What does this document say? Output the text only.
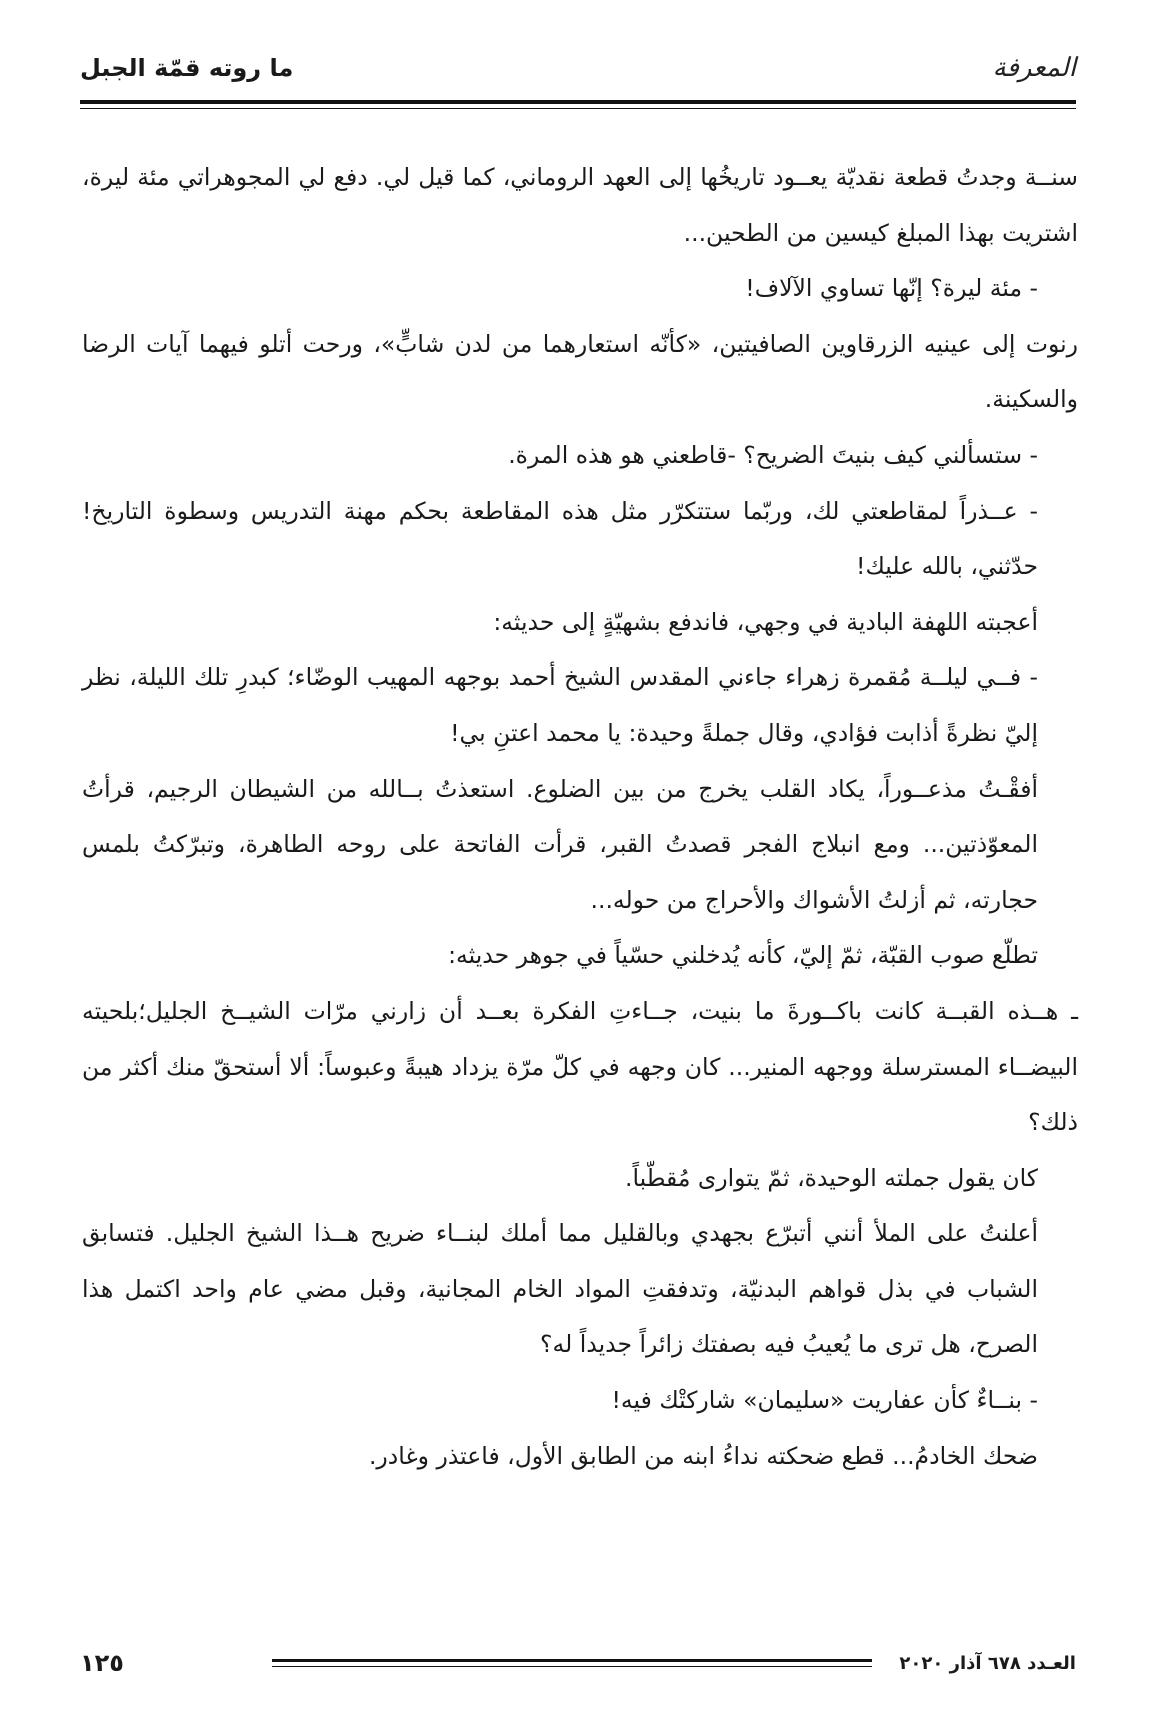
المعرفة
ما روته قمّة الجبل

سنــة وجدتُ قطعة نقديّة يعــود تاريخُها إلى العهد الروماني، كما قيل لي. دفع لي المجوهراتي مئة ليرة، اشتريت بهذا المبلغ كيسين من الطحين...

- مئة ليرة؟ إنّها تساوي الآلاف!

رنوت إلى عينيه الزرقاوين الصافيتين، «كأنّه استعارهما من لدن شابٍّ»، ورحت أتلو فيهما آيات الرضا والسكينة.

- ستسألني كيف بنيتَ الضريح؟ -قاطعني هو هذه المرة.

- عــذراً لمقاطعتي لك، وربّما ستتكرّر مثل هذه المقاطعة بحكم مهنة التدريس وسطوة التاريخ! حدّثني، بالله عليك!

أعجبته اللهفة البادية في وجهي، فاندفع بشهيّةٍ إلى حديثه:

- فــي ليلــة مُقمرة زهراء جاءني المقدس الشيخ أحمد بوجهه المهيب الوضّاء؛ كبدرِ تلك الليلة، نظر إليّ نظرةً أذابت فؤادي، وقال جملةً وحيدة: يا محمد اعتنِ بي!

أفقْـتُ مذعــوراً، يكاد القلب يخرج من بين الضلوع. استعذتُ بــالله من الشيطان الرجيم، قرأتُ المعوّذتين... ومع انبلاج الفجر قصدتُ القبر، قرأت الفاتحة على روحه الطاهرة، وتبرّكتُ بلمس حجارته، ثم أزلتُ الأشواك والأحراج من حوله...

تطلّع صوب القبّة، ثمّ إليّ، كأنه يُدخلني حسّياً في جوهر حديثه:

ـ هــذه القبــة كانت باكــورةَ ما بنيت، جــاءتِ الفكرة بعــد أن زارني مرّات الشيــخ الجليل؛بلحيته البيضــاء المسترسلة ووجهه المنير... كان وجهه في كلّ مرّة يزداد هيبةً وعبوساً: ألا أستحقّ منك أكثر من ذلك؟

كان يقول جملته الوحيدة، ثمّ يتوارى مُقطّباً.

أعلنتُ على الملأ أنني أتبرّع بجهدي وبالقليل مما أملك لبنــاء ضريح هــذا الشيخ الجليل. فتسابق الشباب في بذل قواهم البدنيّة، وتدفقتِ المواد الخام المجانية، وقبل مضي عام واحد اكتمل هذا الصرح، هل ترى ما يُعيبُ فيه بصفتك زائراً جديداً له؟

- بنــاءٌ كأن عفاريت «سليمان» شاركتْك فيه!

ضحك الخادمُ... قطع ضحكته نداءُ ابنه من الطابق الأول، فاعتذر وغادر.

١٢٥	العـدد ٦٧٨ آذار ٢٠٢٠
